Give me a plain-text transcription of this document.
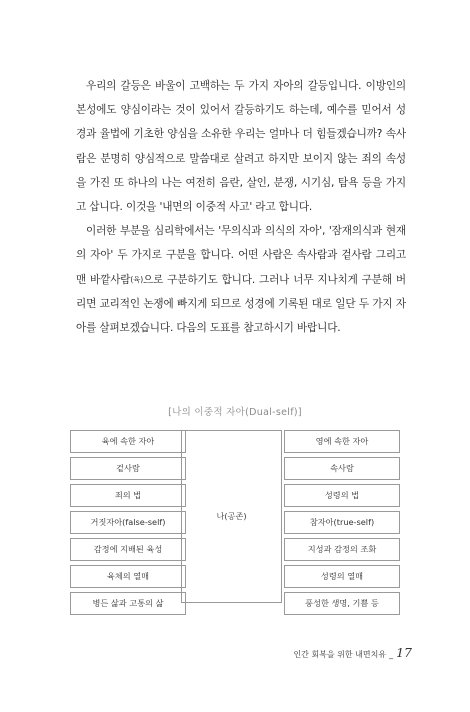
우리의 갈등은 바울이 고백하는 두 가지 자아의 갈등입니다. 이방인의 본성에도 양심이라는 것이 있어서 갈등하기도 하는데, 예수를 믿어서 성경과 율법에 기초한 양심을 소유한 우리는 얼마나 더 힘들겠습니까? 속사람은 분명히 양심적으로 말씀대로 살려고 하지만 보이지 않는 죄의 속성을 가진 또 하나의 나는 여전히 음란, 살인, 분쟁, 시기심, 탐욕 등을 가지고 삽니다. 이것을 '내면의 이중적 사고' 라고 합니다.

이러한 부분을 심리학에서는 '무의식과 의식의 자아', '잠재의식과 현재의 자아' 두 가지로 구분을 합니다. 어떤 사람은 속사람과 겉사람 그리고 맨 바깥사람(육)으로 구분하기도 합니다. 그러나 너무 지나치게 구분해 버리면 교리적인 논쟁에 빠지게 되므로 성경에 기록된 대로 일단 두 가지 자아를 살펴보겠습니다. 다음의 도표를 참고하시기 바랍니다.

[나의 이중적 자아(Dual-self)]
육에 속한 자아
겉사람
죄의 법
거짓자아(false-self)
감정에 지배된 육성
육체의 열매
병든 삶과 고통의 삶
나(공존)
영에 속한 자아
속사람
성령의 법
참자아(true-self)
지성과 감정의 조화
성령의 열매
풍성한 생명, 기쁨 등
인간 회복을 위한 내면치유 _ 17
